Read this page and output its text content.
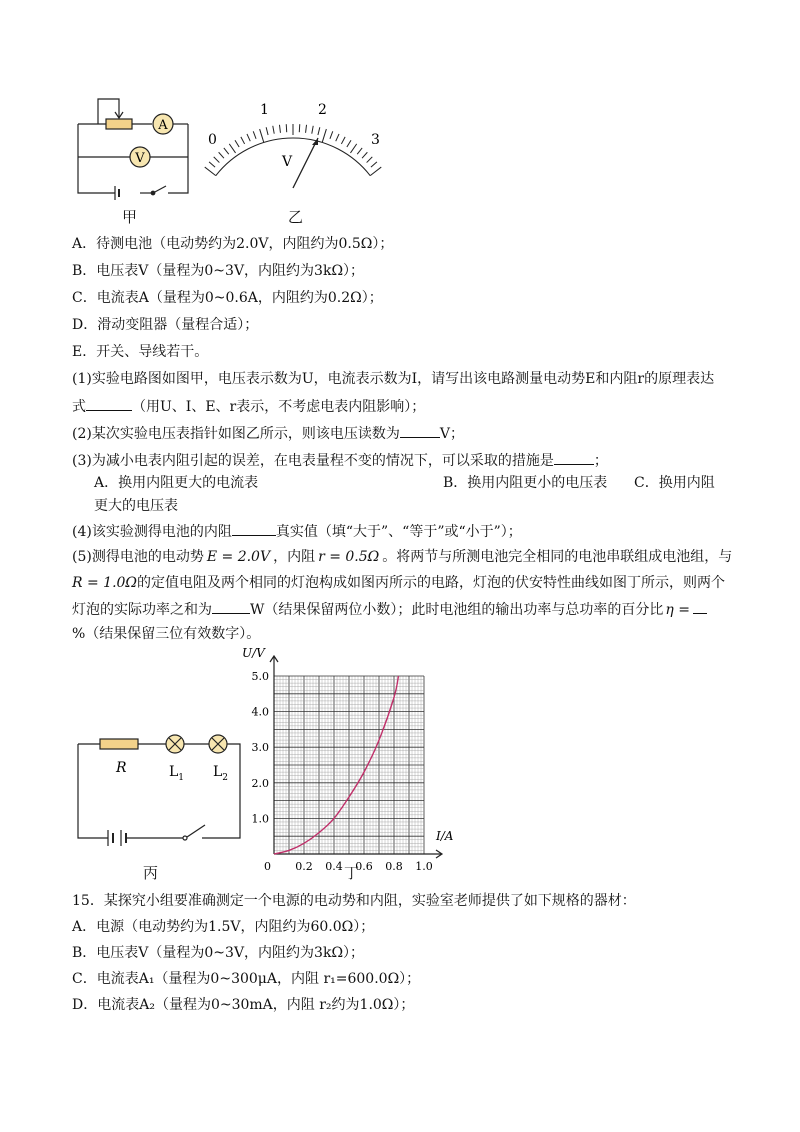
A
V
甲
0
1	2
3
V
乙
A．待测电池（电动势约为2.0V，内阻约为0.5Ω）；
B．电压表V（量程为0~3V，内阻约为3kΩ）；
C．电流表A（量程为0~0.6A，内阻约为0.2Ω）；
D．滑动变阻器（量程合适）；
E．开关、导线若干。
(1)实验电路图如图甲，电压表示数为U，电流表示数为I，请写出该电路测量电动势E和内阻r的原理表达
式	（用U、I、E、r表示，不考虑电表内阻影响）；
(2)某次实验电压表指针如图乙所示，则该电压读数为	V；
(3)为减小电表内阻引起的误差，在电表量程不变的情况下，可以采取的措施是	；
A．换用内阻更大的电流表	B．换用内阻更小的电压表 C．换用内阻
更大的电压表
(4)该实验测得电池的内阻	真实值（填“大于”、“等于”或“小于”）；
(5)测得电池的电动势 E = 2.0V ，内阻 r = 0.5Ω 。将两节与所测电池完全相同的电池串联组成电池组，与
R = 1.0Ω的定值电阻及两个相同的灯泡构成如图丙所示的电路，灯泡的伏安特性曲线如图丁所示，则两个
灯泡的实际功率之和为	W（结果保留两位小数）；此时电池组的输出功率与总功率的百分比 η =
%（结果保留三位有效数字）。
R	$L_1$ $L_2$
丙	0 0.2 0.4 0.6 0.8 1.0
1.0
2.0
3.0
4.0
5.0
U/V
I/A
丁
15．某探究小组要准确测定一个电源的电动势和内阻，实验室老师提供了如下规格的器材：
A．电源（电动势约为1.5V，内阻约为60.0Ω）；
B．电压表V（量程为0~3V，内阻约为3kΩ）；
C．电流表A₁（量程为0~300μA，内阻 r₁=600.0Ω）；
D．电流表A₂（量程为0~30mA，内阻 r₂约为1.0Ω）；
